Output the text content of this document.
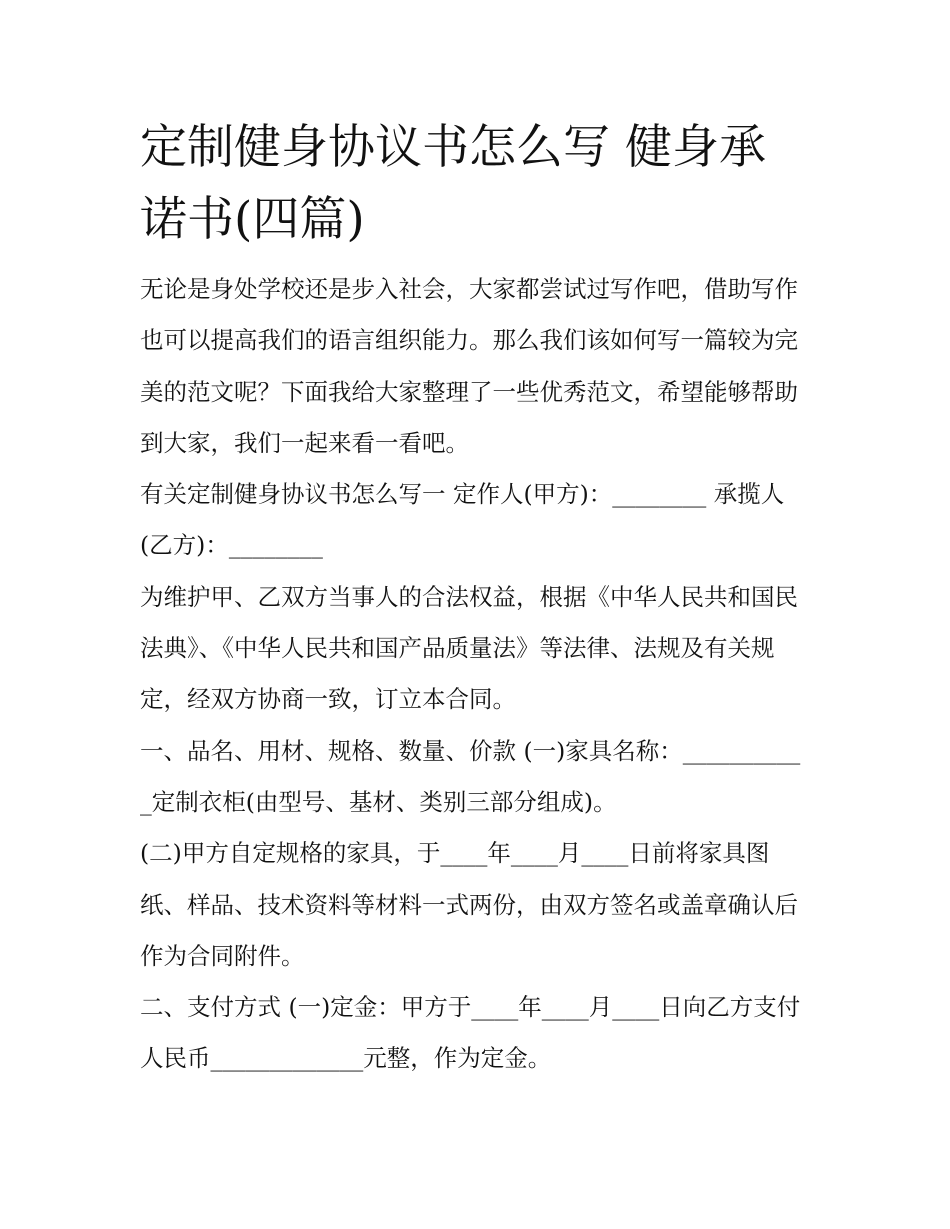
定制健身协议书怎么写 健身承诺书(四篇)

无论是身处学校还是步入社会，大家都尝试过写作吧，借助写作也可以提高我们的语言组织能力。那么我们该如何写一篇较为完美的范文呢？下面我给大家整理了一些优秀范文，希望能够帮助到大家，我们一起来看一看吧。

有关定制健身协议书怎么写一 定作人(甲方)：________ 承揽人(乙方)：________

为维护甲、乙双方当事人的合法权益，根据《中华人民共和国民法典》、《中华人民共和国产品质量法》等法律、法规及有关规定，经双方协商一致，订立本合同。

一、品名、用材、规格、数量、价款 (一)家具名称：___________定制衣柜(由型号、基材、类别三部分组成)。

(二)甲方自定规格的家具，于____年____月____日前将家具图纸、样品、技术资料等材料一式两份，由双方签名或盖章确认后作为合同附件。

二、支付方式 (一)定金：甲方于____年____月____日向乙方支付人民币_____________元整，作为定金。
